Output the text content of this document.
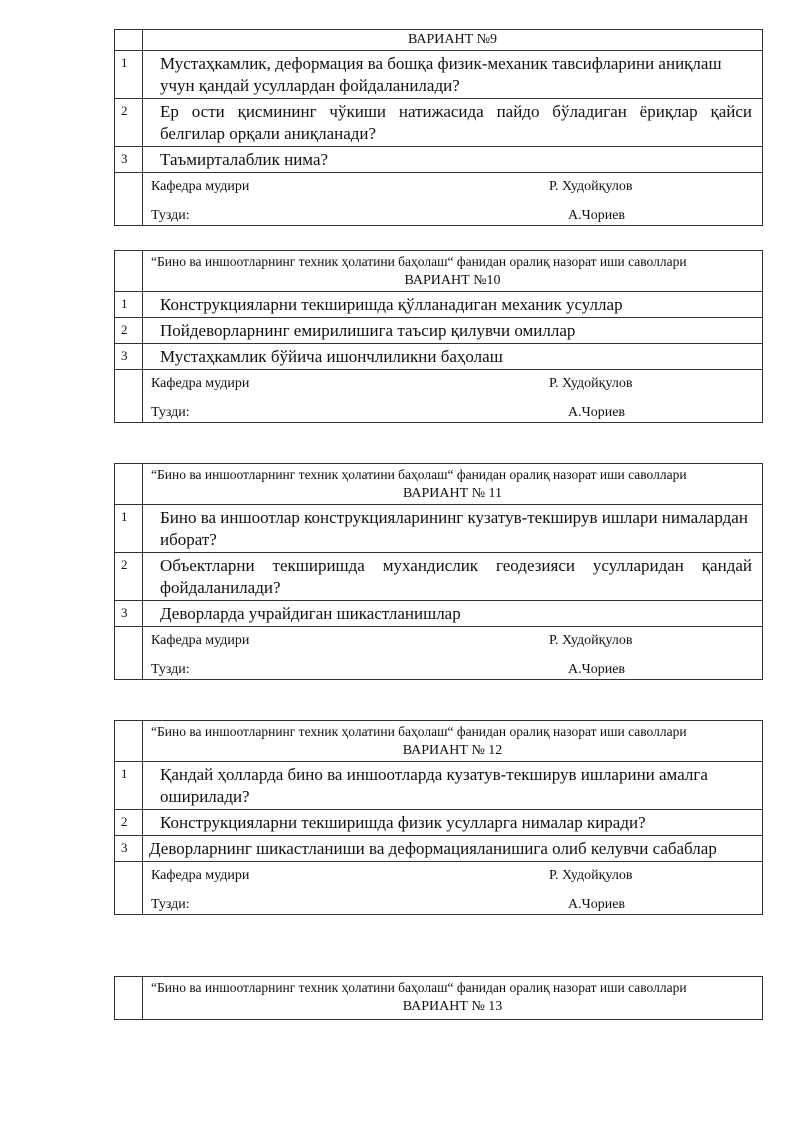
ВАРИАНТ №9
1	Мустаҳкамлик, деформация ва бошқа физик-механик тавсифларини аниқлаш учун қандай усуллардан фойдаланилади?
2	Ер ости қисмининг чўкиши натижасида пайдо бўладиган ёриқлар қайси белгилар орқали аниқланади?
3	Таъмирталаблик нима?
Кафедра мудири	Р. Худойқулов
Тузди:	А.Чориев
“Бино ва иншоотларнинг техник ҳолатини баҳолаш“ фанидан оралиқ назорат иши саволлари
ВАРИАНТ №10
1	Конструкцияларни текширишда қўлланадиган механик усуллар
2	Пойдеворларнинг емирилишига таъсир қилувчи омиллар
3	Мустаҳкамлик бўйича ишончлиликни баҳолаш
Кафедра мудири	Р. Худойқулов
Тузди:	А.Чориев
“Бино ва иншоотларнинг техник ҳолатини баҳолаш“ фанидан оралиқ назорат иши саволлари
ВАРИАНТ № 11
1	Бино ва иншоотлар конструкцияларининг кузатув-текширув ишлари нималардан иборат?
2	Объектларни текширишда мухандислик геодезияси усулларидан қандай фойдаланилади?
3	Деворларда учрайдиган шикастланишлар
Кафедра мудири	Р. Худойқулов
Тузди:	А.Чориев
“Бино ва иншоотларнинг техник ҳолатини баҳолаш“ фанидан оралиқ назорат иши саволлари
ВАРИАНТ № 12
1	Қандай ҳолларда бино ва иншоотларда кузатув-текширув ишларини амалга оширилади?
2	Конструкцияларни текширишда физик усулларга нималар киради?
3	Деворларнинг шикастланиши ва деформацияланишига олиб келувчи сабаблар
Кафедра мудири	Р. Худойқулов
Тузди:	А.Чориев
“Бино ва иншоотларнинг техник ҳолатини баҳолаш“ фанидан оралиқ назорат иши саволлари
ВАРИАНТ № 13
